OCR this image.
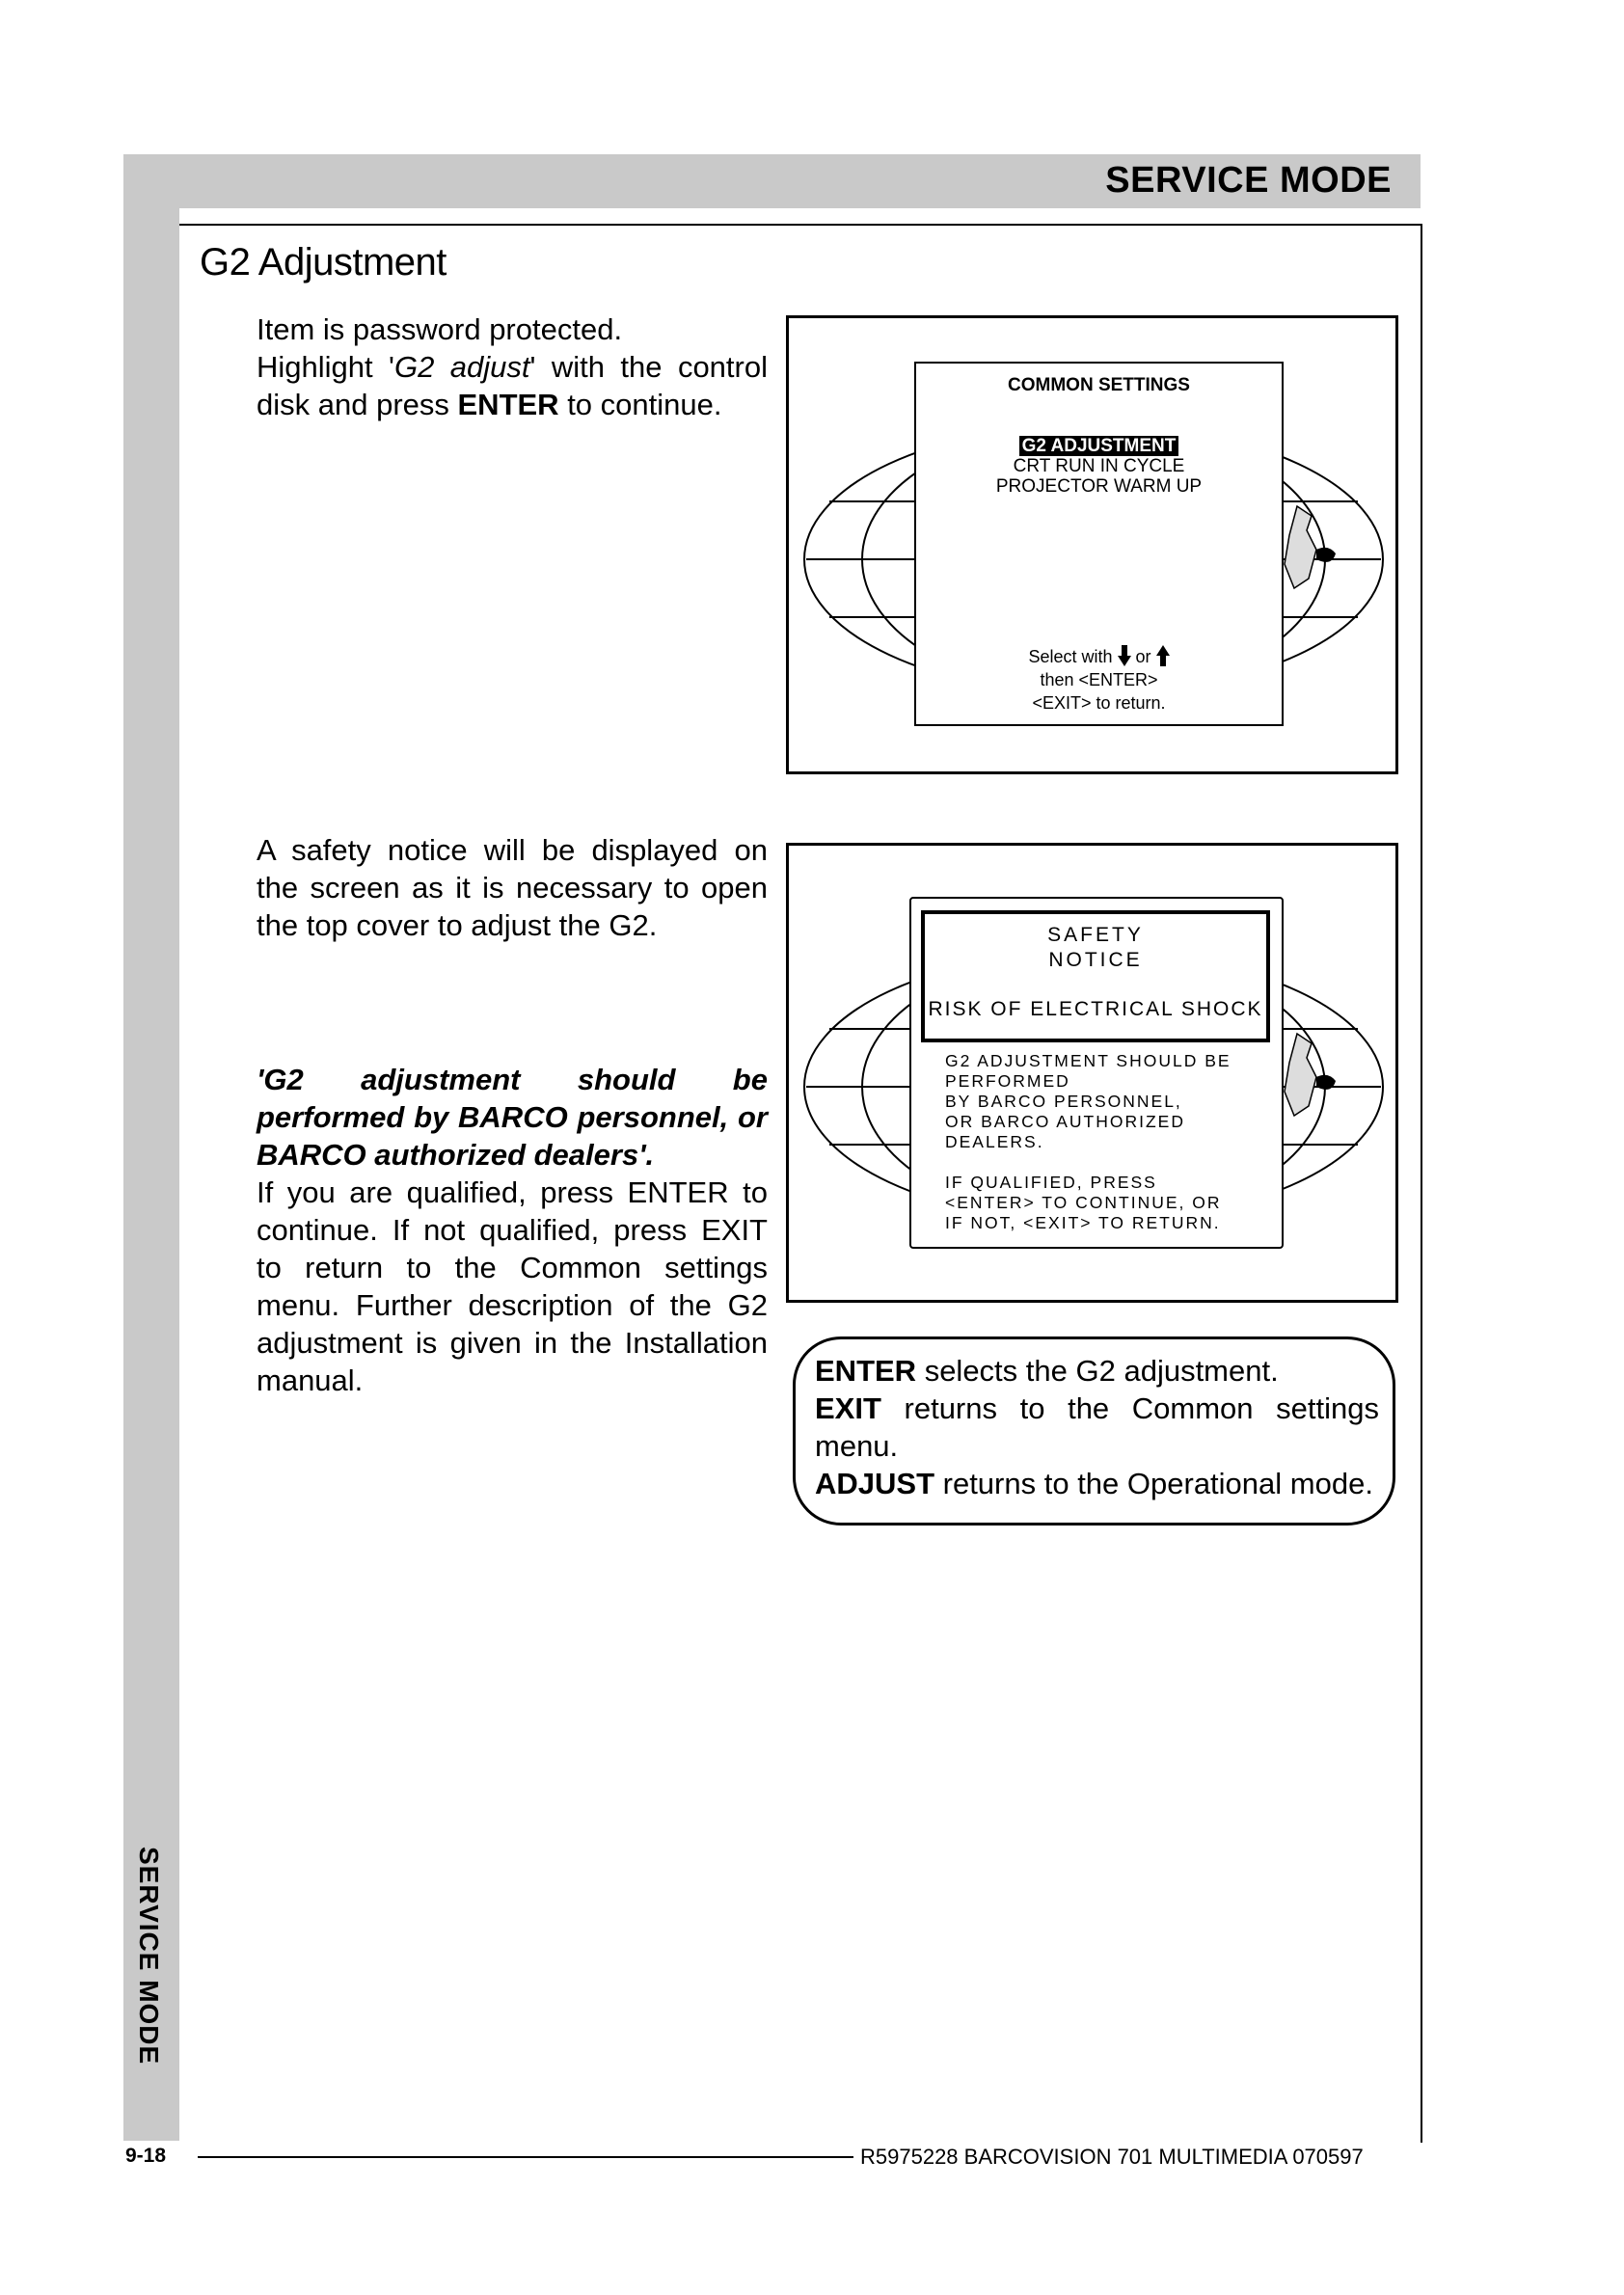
SERVICE MODE
SERVICE MODE
G2 Adjustment
Item is password protected.
Highlight 'G2 adjust' with the control disk and press ENTER to continue.
A safety notice will be displayed on the screen as it is necessary to open the top cover to adjust the G2.
'G2 adjustment should be performed by BARCO personnel, or BARCO authorized dealers'.
If you are qualified, press ENTER to continue. If not qualified, press EXIT to return to the Common settings menu. Further description of the G2 adjustment is given in the Installation manual.
COMMON SETTINGS
G2 ADJUSTMENT
CRT RUN IN CYCLE
PROJECTOR WARM UP
Select with or
then <ENTER>
<EXIT> to return.
SAFETY
NOTICE
RISK OF ELECTRICAL SHOCK
G2 ADJUSTMENT SHOULD BE
PERFORMED
BY BARCO PERSONNEL,
OR BARCO AUTHORIZED
DEALERS.
IF QUALIFIED, PRESS
<ENTER> TO CONTINUE, OR
IF NOT, <EXIT> TO RETURN.
ENTER selects the G2 adjustment.
EXIT returns to the Common settings menu.
ADJUST returns to the Operational mode.
9-18	R5975228 BARCOVISION 701 MULTIMEDIA 070597
